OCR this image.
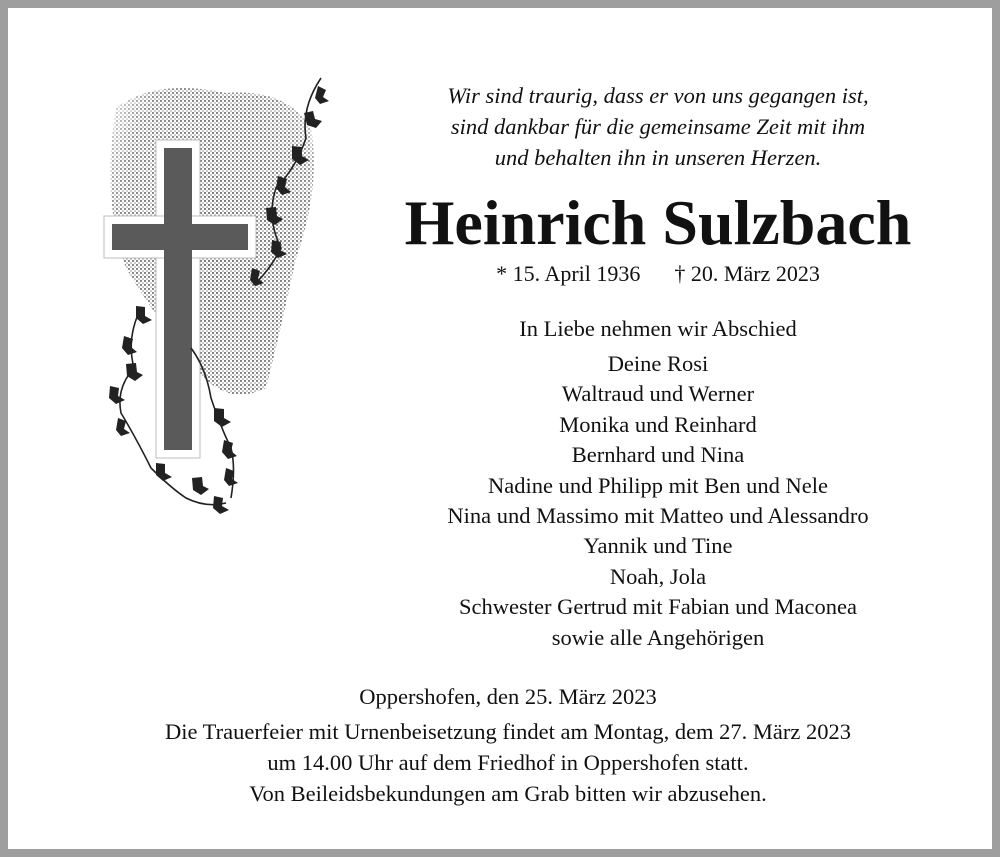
Wir sind traurig, dass er von uns gegangen ist,
sind dankbar für die gemeinsame Zeit mit ihm
und behalten ihn in unseren Herzen.
Heinrich Sulzbach
* 15. April 1936 † 20. März 2023
In Liebe nehmen wir Abschied
Deine Rosi
Waltraud und Werner
Monika und Reinhard
Bernhard und Nina
Nadine und Philipp mit Ben und Nele
Nina und Massimo mit Matteo und Alessandro
Yannik und Tine
Noah, Jola
Schwester Gertrud mit Fabian und Maconea
sowie alle Angehörigen
Oppershofen, den 25. März 2023
Die Trauerfeier mit Urnenbeisetzung findet am Montag, dem 27. März 2023
um 14.00 Uhr auf dem Friedhof in Oppershofen statt.
Von Beileidsbekundungen am Grab bitten wir abzusehen.
